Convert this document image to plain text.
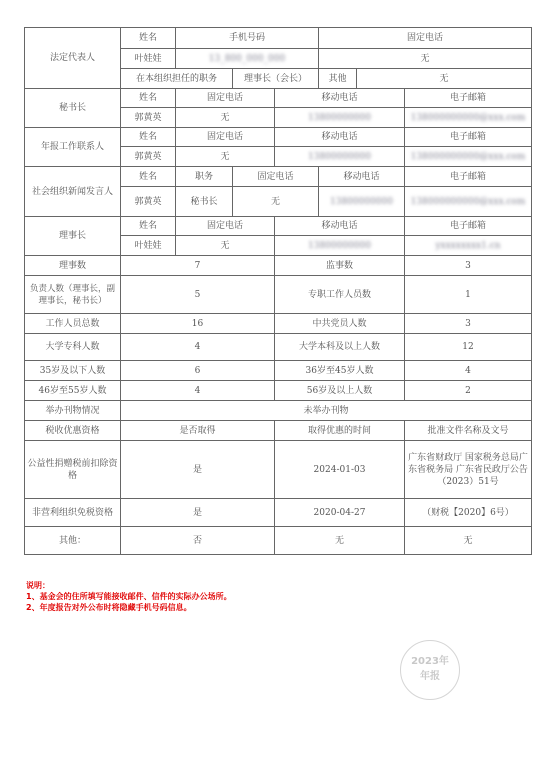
法定代表人	姓名	手机号码			固定电话		
	叶娃娃	13_800_000_000			无		
	在本组织担任的职务		理事长（会长）		其他	无	
秘书长	姓名	固定电话		移动电话			电子邮箱
	郭黄英	无		13800000000			138000000000@xxx.com
年报工作联系人	姓名	固定电话		移动电话			电子邮箱
	郭黄英	无		13800000000			138000000000@xxx.com
社会组织新闻发言人	姓名	职务	固定电话		移动电话		电子邮箱
	郭黄英	秘书长	无		13800000000		138000000000@xxx.com
理事长	姓名	固定电话		移动电话			电子邮箱
	叶娃娃	无		13800000000			yxxxxxxxx1.cn
理事数	7			监事数			3
负责人数（理事长，副理事长，秘书长）	5			专职工作人员数			1
工作人员总数	16			中共党员人数			3
大学专科人数	4			大学本科及以上人数			12
35岁及以下人数	6			36岁至45岁人数			4
46岁至55岁人数	4			56岁及以上人数			2
举办刊物情况	未举办刊物						
税收优惠资格	是否取得			取得优惠的时间			批准文件名称及文号
公益性捐赠税前扣除资格	是			2024-01-03			广东省财政厅 国家税务总局广东省税务局 广东省民政厅公告（2023）51号
非营利组织免税资格	是			2020-04-27			（财税【2020】6号）
其他：	否			无			无
说明：
1、基金会的住所填写能接收邮件、信件的实际办公场所。
2、年度报告对外公布时将隐藏手机号码信息。
2023年
年报
